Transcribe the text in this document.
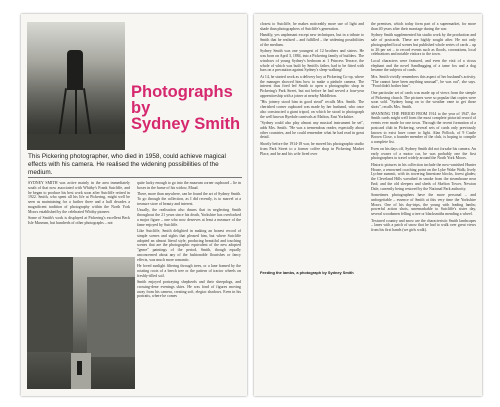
Photographs
by
Sydney Smith

This Pickering photographer, who died in 1958, could achieve magical effects with his camera. He realised the widening possibilities of the medium.

SYDNEY SMITH was active mainly in the area immediately south of that now associated with Whitby's Frank Sutcliffe, and he began to produce his best work soon after Sutcliffe retired in 1922. Smith, who spent all his life at Pickering, might well be seen as maintaining for a further three and a half decades a magnificent tradition of photography within the North York Moors established by the celebrated Whitby pioneer.

Some of Smith's work is displayed at Pickering's excellent Beck Isle Museum, but hundreds of other photographs – not

quite lucky enough to go into the museum corner cupboard – lie in boxes in the home of his widow, Maud.

There, more than anywhere, can be found the art of Sydney Smith. To go through the collection, as I did recently, is to marvel at a treasure store of beauty and interest.

Usually, the realisation also dawns that in neglecting Smith throughout the 21 years since his death, Yorkshire has overlooked a major figure – one who now deserves at least a measure of the fame enjoyed by Sutcliffe.

Like Sutcliffe, Smith delighted in making an honest record of simple scenes and sights that pleased him, but where Sutcliffe adopted an almost literal style, producing beautiful and touching scenes that are the photographic equivalent of the new adopted "genre" paintings of the period, Smith, though equally unconcerned about any of the fashionable flourishes or fancy effects, was much more romantic.

He loved sunlight filtering through trees, or a lane framed by the rotating roots of a beech tree or the pattern of tractor wheels on freshly-tilled soil.

Smith enjoyed portraying shepherds and their sheepdogs, and crossing-dene evenings skies. He was fond of figures moving away from his camera, creating soft, elegiac shadows. Even in his portraits, where he comes

closest to Sutcliffe, he makes noticeably more use of light and shade than photographers of Sutcliffe's generation.

Handily, yes unpleasant except new techniques, but in a tribute to Smith that he realised – and fulfilled – the widening possibilities of the medium.

Sydney Smith was one youngest of 12 brothers and sisters. He was born on April 3, 1884, into a Pickering family of builders. The windows of young Sydney's bedroom at 1 Princess Terrace, the whole of which was built by Smith's father, had to be fitted with bars on a precaution against Sydney's sleep-walking!

At 14, he started work as a delivery boy at Pickering Co-op, where the manager showed him how to make a pinhole camera. The interest thus fired led Smith to open a photographic shop in Pickering's Park Street, but not before he had served a four-year apprenticeship with a joiner at nearby Middleton.

"His joinery stood him in good stead" recalls Mrs. Smith. The cherished corner cupboard was made by her husband, who once also constructed a giant tripod, on which he stood to photograph the well known Ryedale carnivals at Malton, East Yorkshire.

"Sydney could also play almost any musical instrument he set", adds Mrs. Smith. "He was a tremendous reader, especially about other countries, and he could remember what he had read in great detail.

Shortly before the 1914-18 war, he moved his photographic studio from Park Street to a former coffee shop in Pickering Market Place, and he and his wife lived over

Feeding the lambs, a photograph by Sydney Smith

the premises, which today form part of a supermarket, for more than 40 years after their marriage during the war.

Sydney Smith supplemented his studio work by the production and sale of postcards. These are highly sought after. He not only photographed local scenes but published whole series of cards – up to 26 per set – to record events such as floods, coronations, local celebrations and notable visitors to the town.

Local characters were featured, and even the visit of a circus elephant and the novel Sandbagging of a tame fox and a dog became the subjects of cards.

Mrs. Smith vividly remembers this aspect of her husband's activity. "The cannot have been anything unusual", he was out", she says. "Food didn't bother him".

One particular set of cards was made up of views from the steeple of Pickering church. The pictures were so popular that copies were soon sold. "Sydney hung on to the weather vane to get those shots", recalls Mrs. Smith.

SPANNING THE PERIOD FROM 1914 to the year of 1947, the Smith cards might well form the most complete pictorial record of events ever made for one town. Through the recent formation of a postcard club in Pickering, several sets of cards only previously known to exist have come to light. Alan Pollock, of 9 Castle Brown Close, a founder member of the club, is hoping to compile a complete list.

Even on his days off, Sydney Smith did not forsake his camera. An early owner of a motor car, he was probably one the first photographers to travel widely around the North York Moors.

Historic pictures in his collection include the now-vanished Hunter House, a renowned coaching point on the Lyke Wake Walk; lively Lychne summit, with its towering limestone blocks, forest glades; the Cleveland Hills wreathed in smoke from the steamhouse near End; and the old sleepers and sheds of Skelton Tower, Newton Dale, currently being restored by the National Park authority.

Sometimes photographers have the more personal – and unforgettable – essence of Smith at this very time the Yorkshire Moors. One of his day-trips, the young with leading lambs; powerful action shots, unremarkable to Sutcliffe's sister day, several woodsmen felling a tree or blacksmiths mending a wheel.

Textured country and snow are the characteristic Smith landscapes – lanes with a patch of snow that he had to walk over great views from his first hands (we girls walk).
